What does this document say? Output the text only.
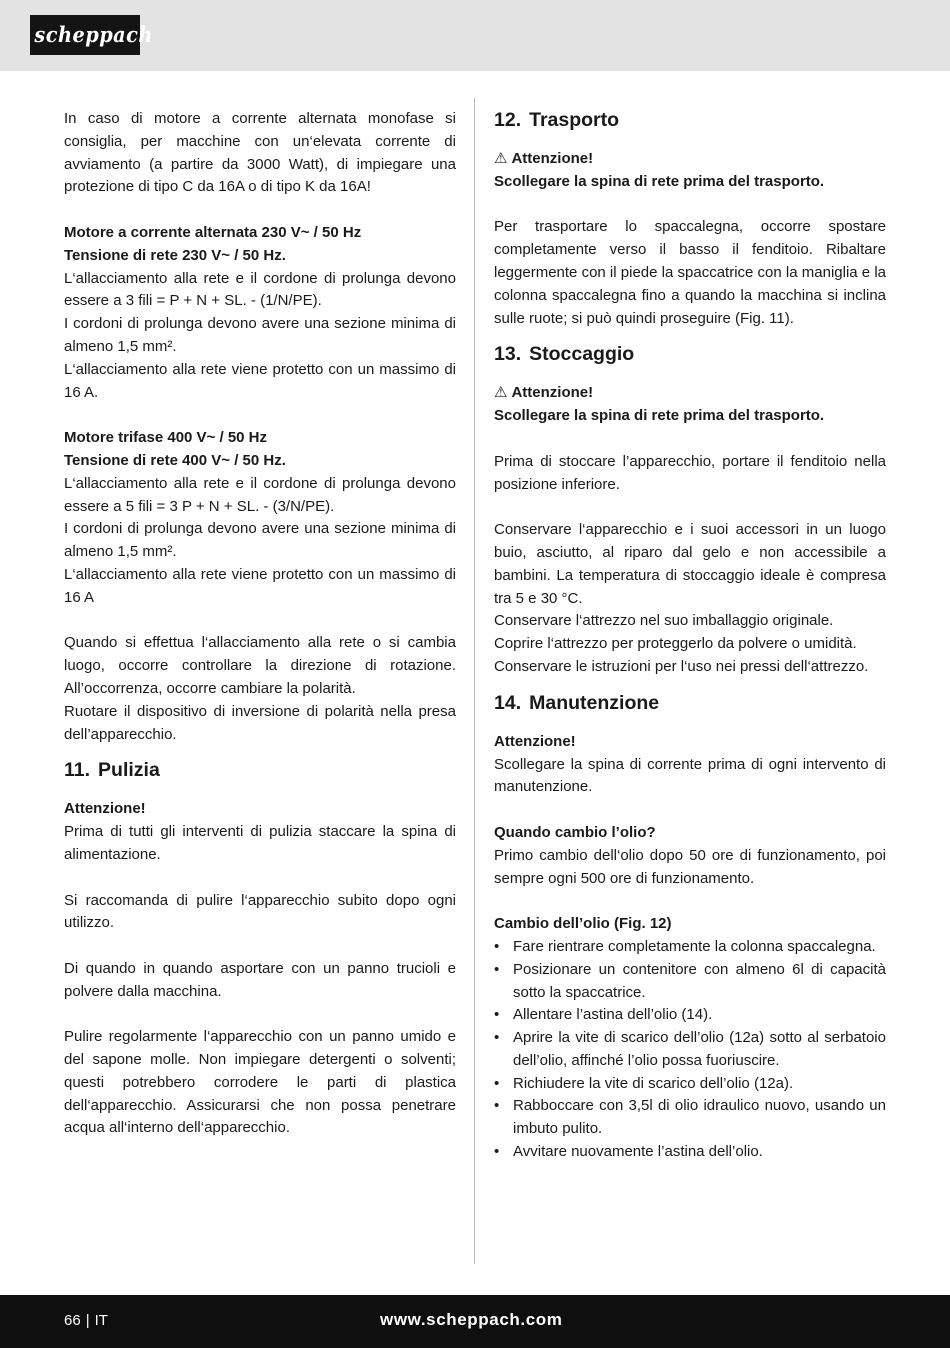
scheppach

In caso di motore a corrente alternata monofase si consiglia, per macchine con un‘elevata corrente di avviamento (a partire da 3000 Watt), di impiegare una protezione di tipo C da 16A o di tipo K da 16A!

Motore a corrente alternata 230 V~ / 50 Hz
Tensione di rete 230 V~ / 50 Hz.

L‘allacciamento alla rete e il cordone di prolunga devono essere a 3 fili = P + N + SL. - (1/N/PE).

I cordoni di prolunga devono avere una sezione minima di almeno 1,5 mm².

L‘allacciamento alla rete viene protetto con un massimo di 16 A.

Motore trifase 400 V~ / 50 Hz
Tensione di rete 400 V~ / 50 Hz.

L‘allacciamento alla rete e il cordone di prolunga devono essere a 5 fili = 3 P + N + SL. - (3/N/PE).

I cordoni di prolunga devono avere una sezione minima di almeno 1,5 mm².

L‘allacciamento alla rete viene protetto con un massimo di 16 A

Quando si effettua l‘allacciamento alla rete o si cambia luogo, occorre controllare la direzione di rotazione. All’occorrenza, occorre cambiare la polarità.

Ruotare il dispositivo di inversione di polarità nella presa dell’apparecchio.

11. Pulizia
Attenzione!

Prima di tutti gli interventi di pulizia staccare la spina di alimentazione.

Si raccomanda di pulire l‘apparecchio subito dopo ogni utilizzo.

Di quando in quando asportare con un panno trucioli e polvere dalla macchina.

Pulire regolarmente l‘apparecchio con un panno umido e del sapone molle. Non impiegare detergenti o solventi; questi potrebbero corrodere le parti di plastica dell‘apparecchio. Assicurarsi che non possa penetrare acqua all‘interno dell‘apparecchio.

12. Trasporto
⚠ Attenzione!
Scollegare la spina di rete prima del trasporto.

Per trasportare lo spaccalegna, occorre spostare completamente verso il basso il fenditoio. Ribaltare leggermente con il piede la spaccatrice con la maniglia e la colonna spaccalegna fino a quando la macchina si inclina sulle ruote; si può quindi proseguire (Fig. 11).

13. Stoccaggio
⚠ Attenzione!
Scollegare la spina di rete prima del trasporto.

Prima di stoccare l’apparecchio, portare il fenditoio nella posizione inferiore.

Conservare l‘apparecchio e i suoi accessori in un luogo buio, asciutto, al riparo dal gelo e non accessibile a bambini. La temperatura di stoccaggio ideale è compresa tra 5 e 30 °C.

Conservare l‘attrezzo nel suo imballaggio originale.

Coprire l‘attrezzo per proteggerlo da polvere o umidità.

Conservare le istruzioni per l‘uso nei pressi dell‘attrezzo.

14. Manutenzione
Attenzione!

Scollegare la spina di corrente prima di ogni intervento di manutenzione.

Quando cambio l’olio?

Primo cambio dell‘olio dopo 50 ore di funzionamento, poi sempre ogni 500 ore di funzionamento.

Cambio dell’olio (Fig. 12)
• Fare rientrare completamente la colonna spaccalegna.
• Posizionare un contenitore con almeno 6l di capacità sotto la spaccatrice.
• Allentare l’astina dell’olio (14).
• Aprire la vite di scarico dell’olio (12a) sotto al serbatoio dell’olio, affinché l’olio possa fuoriuscire.
• Richiudere la vite di scarico dell’olio (12a).
• Rabboccare con 3,5l di olio idraulico nuovo, usando un imbuto pulito.
• Avvitare nuovamente l’astina dell’olio.
66 | IT	www.scheppach.com
